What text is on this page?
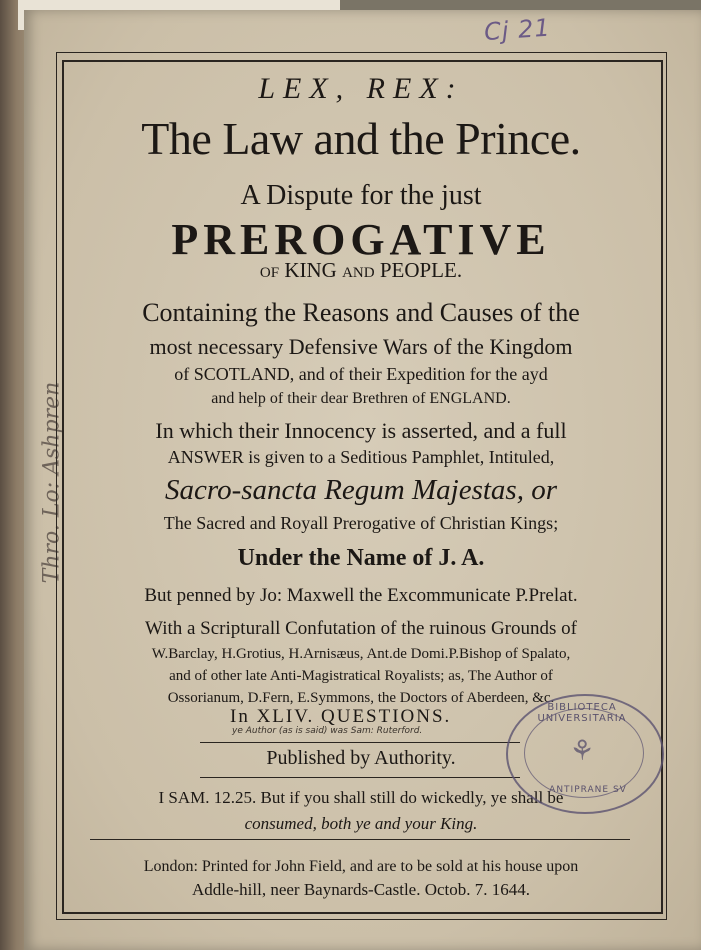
Cj 21
Thro. Lo: Ashpren
LEX, REX:
The Law and the Prince.
A Dispute for the just
PREROGATIVE
of KING and PEOPLE.
Containing the Reasons and Causes of the
most necessary Defensive Wars of the Kingdom
of SCOTLAND, and of their Expedition for the ayd
and help of their dear Brethren of ENGLAND.
In which their Innocency is asserted, and a full
ANSWER is given to a Seditious Pamphlet, Intituled,
Sacro-sancta Regum Majestas, or
The Sacred and Royall Prerogative of Christian Kings;
Under the Name of J. A.
But penned by Jo: Maxwell the Excommunicate P.Prelat.
With a Scripturall Confutation of the ruinous Grounds of
W.Barclay, H.Grotius, H.Arnisæus, Ant.de Domi.P.Bishop of Spalato,
and of other late Anti-Magistratical Royalists; as, The Author of
Ossorianum, D.Fern, E.Symmons, the Doctors of Aberdeen, &c.
In XLIV. QUESTIONS.
ye Author (as is said) was Sam: Ruterford.
Published by Authority.
I SAM. 12.25. But if you shall still do wickedly, ye shall be
consumed, both ye and your King.
London: Printed for John Field, and are to be sold at his house upon
Addle-hill, neer Baynards-Castle. Octob. 7. 1644.
BIBLIOTECA UNIVERSITARIA
⚘
ANTIPRANE SV
